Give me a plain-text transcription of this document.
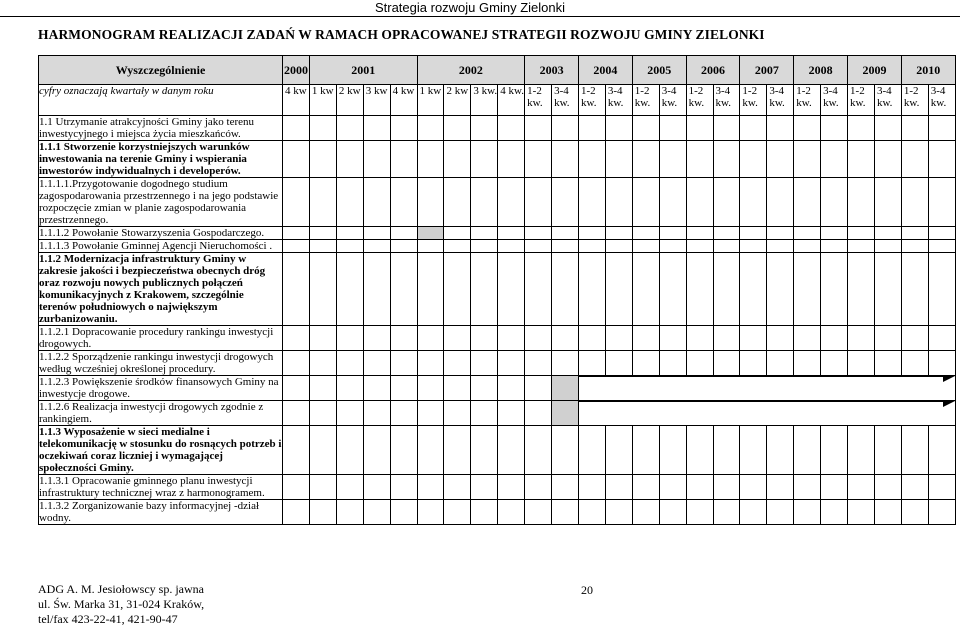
Strategia rozwoju Gminy Zielonki
HARMONOGRAM REALIZACJI ZADAŃ W RAMACH OPRACOWANEJ STRATEGII ROZWOJU GMINY ZIELONKI
Wyszczególnienie	2000	2001				2002				2003		2004		2005		2006		2007		2008		2009		2010	
cyfry oznaczają kwartały w danym roku	4 kw	1 kw	2 kw	3 kw	4 kw	1 kw	2 kw	3 kw.	4 kw.	1-2 kw.	3-4 kw.	1-2 kw.	3-4 kw.	1-2 kw.	3-4 kw.	1-2 kw.	3-4 kw.	1-2 kw.	3-4 kw.	1-2 kw.	3-4 kw.	1-2 kw.	3-4 kw.	1-2 kw.	3-4 kw.
1.1 Utrzymanie atrakcyjności Gminy jako terenu inwestycyjnego i miejsca życia mieszkańców.																									
1.1.1 Stworzenie korzystniejszych warunków inwestowania na terenie Gminy i wspierania inwestorów indywidualnych i developerów.																									
1.1.1.1.Przygotowanie dogodnego studium zagospodarowania przestrzennego i na jego podstawie rozpoczęcie zmian w planie zagospodarowania przestrzennego.																									
1.1.1.2 Powołanie Stowarzyszenia Gospodarczego.																									
1.1.1.3 Powołanie Gminnej Agencji Nieruchomości .																									
1.1.2 Modernizacja infrastruktury Gminy w zakresie jakości i bezpieczeństwa obecnych dróg oraz rozwoju nowych publicznych połączeń komunikacyjnych z Krakowem, szczególnie terenów południowych o największym zurbanizowaniu.																									
1.1.2.1 Dopracowanie procedury rankingu inwestycji drogowych.																									
1.1.2.2 Sporządzenie rankingu inwestycji drogowych według wcześniej określonej procedury.																									
1.1.2.3 Powiększenie środków finansowych Gminy na inwestycje drogowe.																									

1.1.2.6 Realizacja inwestycji drogowych zgodnie z rankingiem.																									

1.1.3 Wyposażenie w sieci medialne i telekomunikację w stosunku do rosnących potrzeb i oczekiwań coraz liczniej i wymagającej społeczności Gminy.																									
1.1.3.1 Opracowanie gminnego planu inwestycji infrastruktury technicznej wraz z harmonogramem.																									
1.1.3.2 Zorganizowanie bazy informacyjnej -dział wodny.																									
ADG A. M. Jesiołowscy sp. jawna
ul. Św. Marka 31, 31-024 Kraków,
tel/fax 423-22-41, 421-90-47
20
